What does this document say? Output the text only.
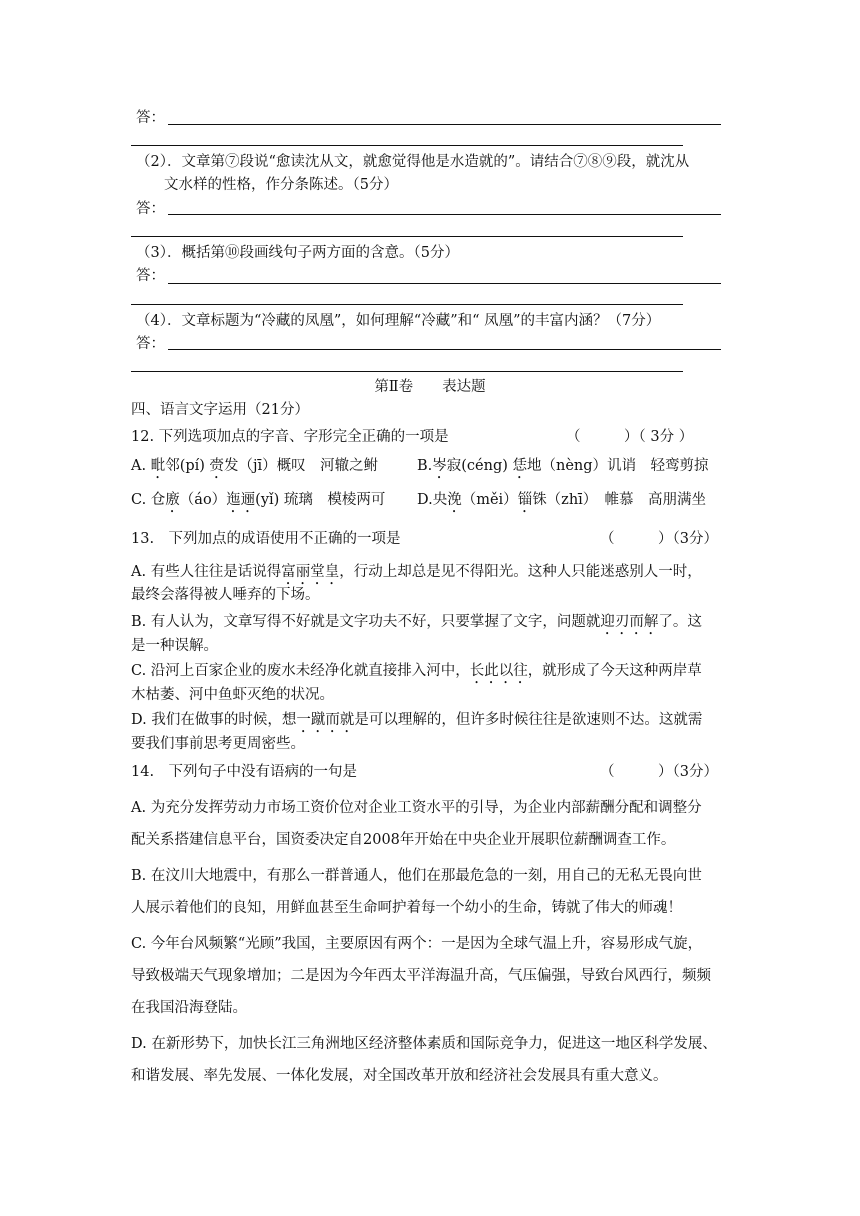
答：
（2）．文章第⑦段说“愈读沈从文，就愈觉得他是水造就的”。请结合⑦⑧⑨段，就沈从
文水样的性格，作分条陈述。（5分）
答：
（3）．概括第⑩段画线句子两方面的含意。（5分）
答：
（4）．文章标题为“冷藏的凤凰”，如何理解“冷藏”和“ 凤凰”的丰富内涵？（7分）
答：
第Ⅱ卷　　表达题
四、语言文字运用（21分）
12. 下列选项加点的字音、字形完全正确的一项是	（　　　）（ 3分 ）
A. 毗邻(pí) 赍发（jī）概叹　河辙之鲋	B.岑寂(céng) 恁地（nèng）讥诮　轻鸾剪掠
C. 仓廒（áo）迤逦(yǐ) 琉璃　模棱两可 D.央浼（měi）锱铢（zhī）　帷慕　高朋满坐
13.　下列加点的成语使用不正确的一项是	（　　　）（3分）
A. 有些人往往是话说得富丽堂皇，行动上却总是见不得阳光。这种人只能迷惑别人一时，
最终会落得被人唾弃的下场。
B. 有人认为，文章写得不好就是文字功夫不好，只要掌握了文字，问题就迎刃而解了。这
是一种误解。
C. 沿河上百家企业的废水未经净化就直接排入河中，长此以往，就形成了今天这种两岸草
木枯萎、河中鱼虾灭绝的状况。
D. 我们在做事的时候，想一蹴而就是可以理解的，但许多时候往往是欲速则不达。这就需
要我们事前思考更周密些。
14.　下列句子中没有语病的一句是	（　　　）（3分）
A. 为充分发挥劳动力市场工资价位对企业工资水平的引导，为企业内部薪酬分配和调整分
配关系搭建信息平台，国资委决定自2008年开始在中央企业开展职位薪酬调查工作。
B. 在汶川大地震中，有那么一群普通人，他们在那最危急的一刻，用自己的无私无畏向世
人展示着他们的良知，用鲜血甚至生命呵护着每一个幼小的生命，铸就了伟大的师魂！
C. 今年台风频繁“光顾”我国，主要原因有两个：一是因为全球气温上升，容易形成气旋，
导致极端天气现象增加；二是因为今年西太平洋海温升高，气压偏强，导致台风西行，频频
在我国沿海登陆。
D. 在新形势下，加快长江三角洲地区经济整体素质和国际竞争力，促进这一地区科学发展、
和谐发展、率先发展、一体化发展，对全国改革开放和经济社会发展具有重大意义。
